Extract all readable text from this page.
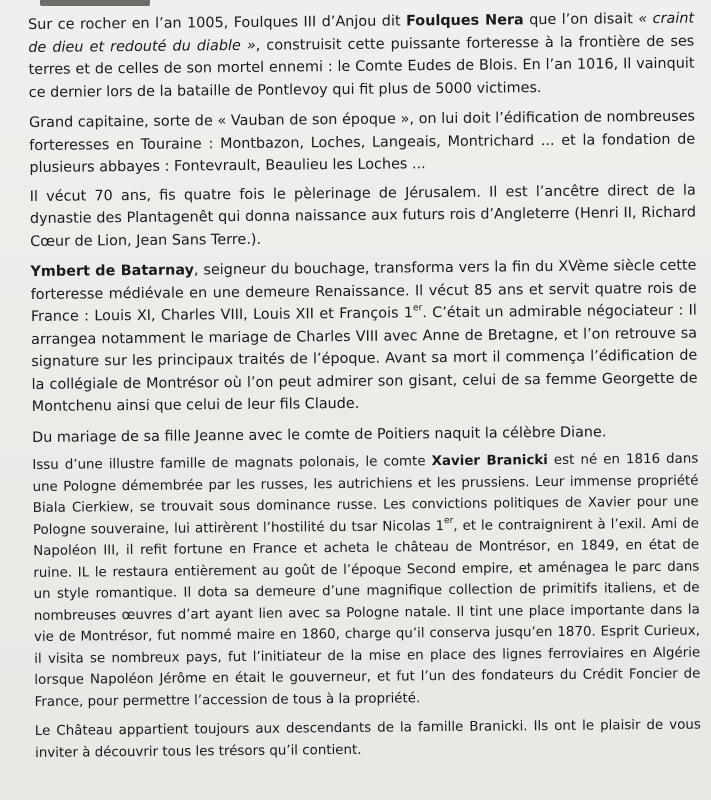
Sur ce rocher en l’an 1005, Foulques III d’Anjou dit Foulques Nera que l’on disait « craint de dieu et redouté du diable », construisit cette puissante forteresse à la frontière de ses terres et de celles de son mortel ennemi : le Comte Eudes de Blois. En l’an 1016, Il vainquit ce dernier lors de la bataille de Pontlevoy qui fit plus de 5000 victimes.

Grand capitaine, sorte de « Vauban de son époque », on lui doit l’édification de nombreuses forteresses en Touraine : Montbazon, Loches, Langeais, Montrichard ... et la fondation de plusieurs abbayes : Fontevrault, Beaulieu les Loches ...

Il vécut 70 ans, fis quatre fois le pèlerinage de Jérusalem. Il est l’ancêtre direct de la dynastie des Plantagenêt qui donna naissance aux futurs rois d’Angleterre (Henri II, Richard Cœur de Lion, Jean Sans Terre.).

Ymbert de Batarnay, seigneur du bouchage, transforma vers la fin du XVème siècle cette forteresse médiévale en une demeure Renaissance. Il vécut 85 ans et servit quatre rois de France : Louis XI, Charles VIII, Louis XII et François 1er. C’était un admirable négociateur : Il arrangea notamment le mariage de Charles VIII avec Anne de Bretagne, et l’on retrouve sa signature sur les principaux traités de l’époque. Avant sa mort il commença l’édification de la collégiale de Montrésor où l’on peut admirer son gisant, celui de sa femme Georgette de Montchenu ainsi que celui de leur fils Claude.

Du mariage de sa fille Jeanne avec le comte de Poitiers naquit la célèbre Diane.

Issu d’une illustre famille de magnats polonais, le comte Xavier Branicki est né en 1816 dans une Pologne démembrée par les russes, les autrichiens et les prussiens. Leur immense propriété Biala Cierkiew, se trouvait sous dominance russe. Les convictions politiques de Xavier pour une Pologne souveraine, lui attirèrent l’hostilité du tsar Nicolas 1er, et le contraignirent à l’exil. Ami de Napoléon III, il refit fortune en France et acheta le château de Montrésor, en 1849, en état de ruine. IL le restaura entièrement au goût de l’époque Second empire, et aménagea le parc dans un style romantique. Il dota sa demeure d’une magnifique collection de primitifs italiens, et de nombreuses œuvres d’art ayant lien avec sa Pologne natale. Il tint une place importante dans la vie de Montrésor, fut nommé maire en 1860, charge qu’il conserva jusqu’en 1870. Esprit Curieux, il visita se nombreux pays, fut l’initiateur de la mise en place des lignes ferroviaires en Algérie lorsque Napoléon Jérôme en était le gouverneur, et fut l’un des fondateurs du Crédit Foncier de France, pour permettre l’accession de tous à la propriété.

Le Château appartient toujours aux descendants de la famille Branicki. Ils ont le plaisir de vous inviter à découvrir tous les trésors qu’il contient.
